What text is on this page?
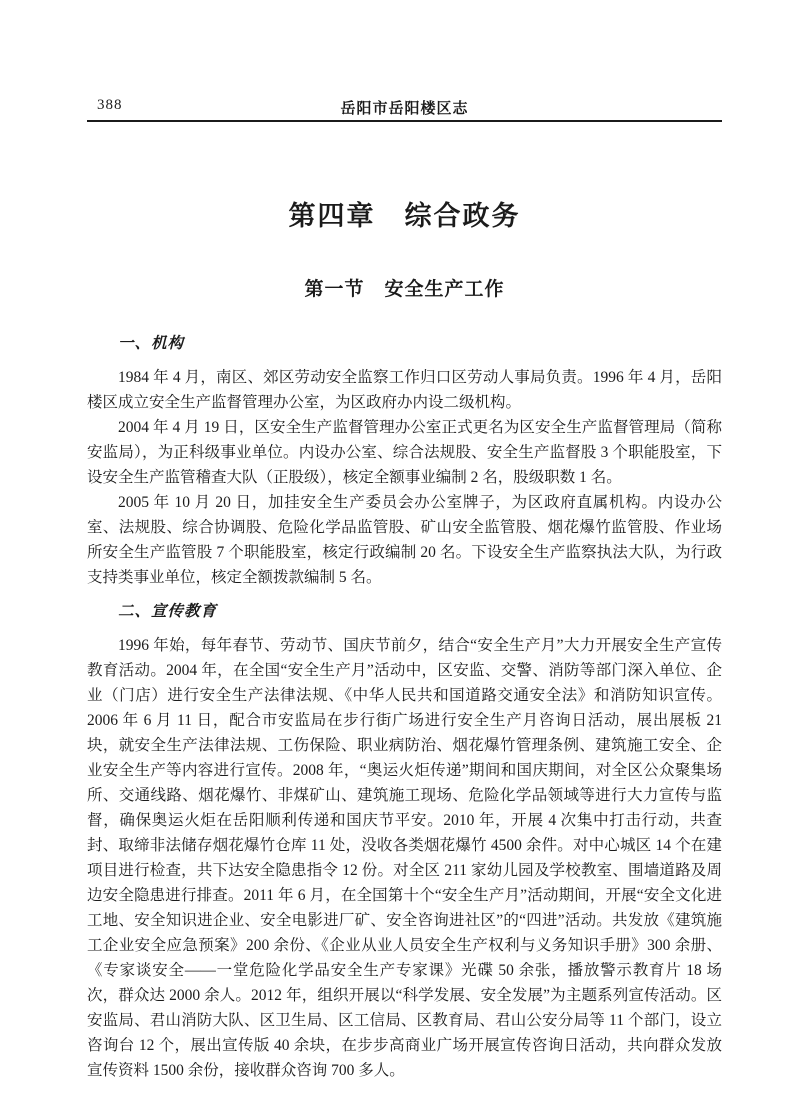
388	岳阳市岳阳楼区志
第四章　综合政务
第一节　安全生产工作
一、机构

1984 年 4 月，南区、郊区劳动安全监察工作归口区劳动人事局负责。1996 年 4 月，岳阳楼区成立安全生产监督管理办公室，为区政府办内设二级机构。

2004 年 4 月 19 日，区安全生产监督管理办公室正式更名为区安全生产监督管理局（简称安监局），为正科级事业单位。内设办公室、综合法规股、安全生产监督股 3 个职能股室，下设安全生产监管稽查大队（正股级），核定全额事业编制 2 名，股级职数 1 名。

2005 年 10 月 20 日，加挂安全生产委员会办公室牌子，为区政府直属机构。内设办公室、法规股、综合协调股、危险化学品监管股、矿山安全监管股、烟花爆竹监管股、作业场所安全生产监管股 7 个职能股室，核定行政编制 20 名。下设安全生产监察执法大队，为行政支持类事业单位，核定全额拨款编制 5 名。

二、宣传教育

1996 年始，每年春节、劳动节、国庆节前夕，结合“安全生产月”大力开展安全生产宣传教育活动。2004 年，在全国“安全生产月”活动中，区安监、交警、消防等部门深入单位、企业（门店）进行安全生产法律法规、《中华人民共和国道路交通安全法》和消防知识宣传。2006 年 6 月 11 日，配合市安监局在步行街广场进行安全生产月咨询日活动，展出展板 21 块，就安全生产法律法规、工伤保险、职业病防治、烟花爆竹管理条例、建筑施工安全、企业安全生产等内容进行宣传。2008 年，“奥运火炬传递”期间和国庆期间，对全区公众聚集场所、交通线路、烟花爆竹、非煤矿山、建筑施工现场、危险化学品领域等进行大力宣传与监督，确保奥运火炬在岳阳顺利传递和国庆节平安。2010 年，开展 4 次集中打击行动，共查封、取缔非法储存烟花爆竹仓库 11 处，没收各类烟花爆竹 4500 余件。对中心城区 14 个在建项目进行检查，共下达安全隐患指令 12 份。对全区 211 家幼儿园及学校教室、围墙道路及周边安全隐患进行排查。2011 年 6 月，在全国第十个“安全生产月”活动期间，开展“安全文化进工地、安全知识进企业、安全电影进厂矿、安全咨询进社区”的“四进”活动。共发放《建筑施工企业安全应急预案》200 余份、《企业从业人员安全生产权利与义务知识手册》300 余册、《专家谈安全——一堂危险化学品安全生产专家课》光碟 50 余张，播放警示教育片 18 场次，群众达 2000 余人。2012 年，组织开展以“科学发展、安全发展”为主题系列宣传活动。区安监局、君山消防大队、区卫生局、区工信局、区教育局、君山公安分局等 11 个部门，设立咨询台 12 个，展出宣传版 40 余块，在步步高商业广场开展宣传咨询日活动，共向群众发放宣传资料 1500 余份，接收群众咨询 700 多人。
